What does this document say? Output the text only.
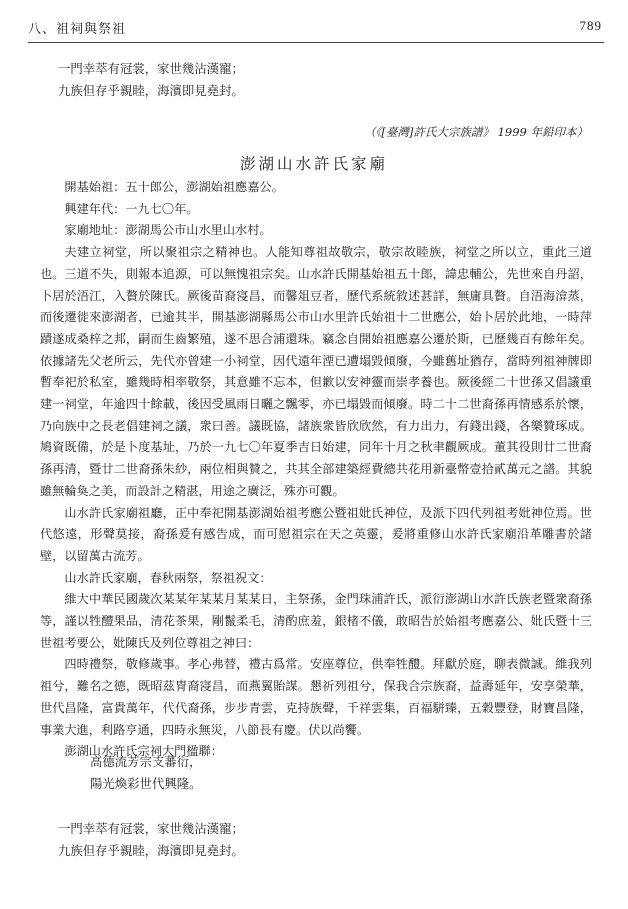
八、祖祠與祭祖	789
一門幸萃有冠裳，家世幾沾漢寵；
九族但存乎親睦，海濱即見堯封。
（《[臺灣]許氏大宗族譜》 1999 年鉛印本）
澎湖山水許氏家廟

開基始祖：五十郎公，澎湖始祖應嘉公。

興建年代：一九七〇年。

家廟地址：澎湖馬公市山水里山水村。

夫建立祠堂，所以聚祖宗之精神也。人能知尊祖故敬宗，敬宗故睦族，祠堂之所以立，重此三道也。三道不失，則報本追源，可以無愧祖宗矣。山水許氏開基始祖五十郎，諱忠輔公，先世來自丹詔，卜居於浯江，入贅於陳氏。厥後苗裔寖昌，而馨俎豆者，歷代系統敘述甚詳，無庸具贅。自浯海渰蒸，而後遷徙來澎湖者，已逾其半，開基澎湖縣馬公市山水里許氏始祖十二世應公，始卜居於此地，一時萍蹟遂成桑梓之邦，嗣而生齒繁殖，遂不思合浦還珠。竊念自開始祖應嘉公遷於斯，已歷幾百有餘年矣。依據諸先父老所云，先代亦曾建一小祠堂，因代遠年湮已遭塌毀傾廢，今雖舊址猶存，當時列祖神牌即暫奉祀於私室，雖幾時相率敬祭，其意雖不忘本，但歉以安神靈而崇孝養也。厥後經二十世孫又倡議重建一祠堂，年逾四十餘載，後因受風雨日曬之飄零，亦已塌毀而傾廢。時二十二世裔孫再情感系於懷，乃向族中之長老倡建祠之議，衆曰善。議既協，諸族衆皆欣欣然，有力出力，有錢出錢，各樂贊琢成。鳩資既備，於是卜度基址，乃於一九七〇年夏季吉日始建，同年十月之秋聿觀厥成。董其役則廿二世裔孫再清，暨廿二世裔孫朱紗，兩位相與贊之，共其全部建築經費總共花用新臺幣壹拾貳萬元之譜。其貌雖無輪奐之美，而設計之精湛，用途之廣泛，殊亦可觀。

山水許氏家廟祖廳，正中奉祀開基澎湖始祖考應公暨祖妣氏神位，及派下四代列祖考妣神位焉。世代悠遠，形聲莫接，裔孫爰有感告成，而可慰祖宗在天之英靈，爰將重修山水許氏家廟沿革雕書於諸壁，以留萬古流芳。

山水許氏家廟，春秋兩祭，祭祖祝文：

維大中華民國歲次某某年某某月某某日，主祭孫，金門珠浦許氏，派衍澎湖山水許氏族老暨衆裔孫等，謹以牲醴果品，清花茶果，剛鬣柔毛，清酌庶羞，銀楮不儀，敢昭告於始祖考應嘉公、妣氏暨十三世祖考要公，妣陳氏及列位尊祖之神曰：

四時禮祭，敬修歲事。孝心弗替，禮古爲常。安座尊位，供奉牲醴。拜獻於庭，聊表微誠。維我列祖兮，難名之德，既昭茲冑裔寖昌，而燕翼貽謀。懇祈列祖兮，保我合宗族裔，益壽延年，安享榮華，世代昌隆，富貴萬年，代代裔孫，步步青雲，克持族聲，千祥雲集，百福駢臻，五穀豐登，財寶昌隆，事業大進，利路亨通，四時永無災，八節長有慶。伏以尚饗。

澎湖山水許氏宗祠大門楹聯：

高德流芳宗支蕃衍，
陽光煥彩世代興隆。
一門幸萃有冠裳，家世幾沾漢寵；
九族但存乎親睦，海濱即見堯封。
